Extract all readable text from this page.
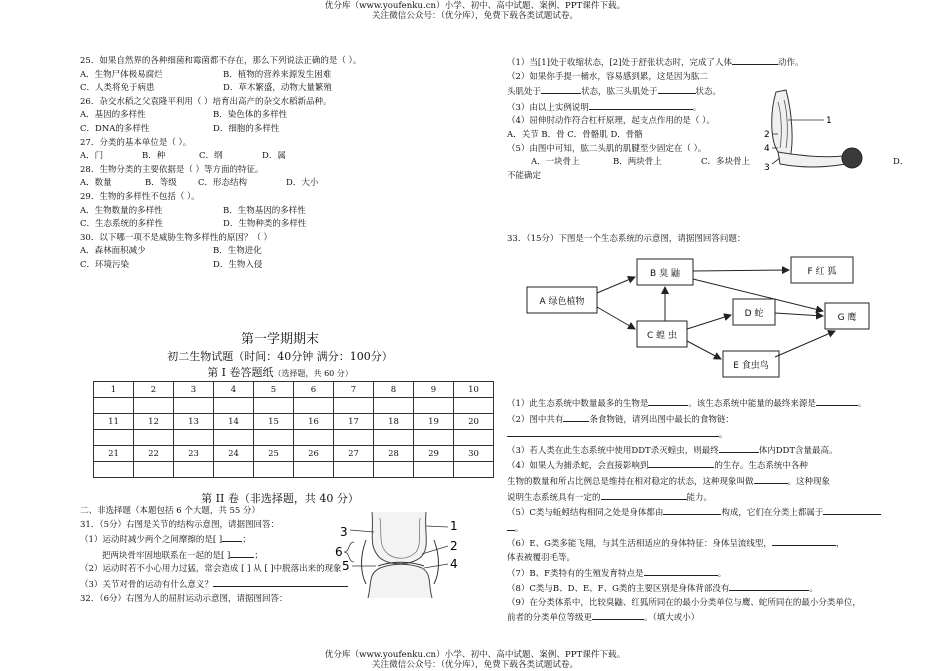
优分库（www.youfenku.cn）小学、初中、高中试题、案例、PPT课件下载。
关注微信公众号：（优分库），免费下载各类试题试卷。
优分库（www.youfenku.cn）小学、初中、高中试题、案例、PPT课件下载。
关注微信公众号：（优分库），免费下载各类试题试卷。

25．如果自然界的各种细菌和霉菌都不存在，那么下列说法正确的是（ ）。

A．生物尸体极易腐烂	B．植物的营养来源发生困难

C．人类将免于病患	D．草木繁盛，动物大量繁殖

26．杂交水稻之父袁隆平利用（ ）培育出高产的杂交水稻新品种。

A．基因的多样性	B．染色体的多样性

C．DNA的多样性	D．细胞的多样性

27．分类的基本单位是（ ）。

A．门	B．种	C．纲	D．属

28．生物分类的主要依据是（ ）等方面的特征。

A．数量	B．等级	C．形态结构	D．大小

29．生物的多样性不包括（ ）。

A．生物数量的多样性	B．生物基因的多样性

C．生态系统的多样性	D．生物种类的多样性

30．以下哪一项不是威胁生物多样性的原因？（ ）

A．森林面积减少	B．生物进化

C．环境污染	D．生物入侵

第一学期期末
初二生物试题（时间：40分钟 满分：100分）
第 I 卷答题纸（选择题，共 60 分）
1	2	3	4	5	6	7	8	9	10

11	12	13	14	15	16	17	18	19	20

21	22	23	24	25	26	27	28	29	30

第 II 卷（非选择题，共 40 分）

二、非选择题（本题包括 6 个大题，共 55 分）

31．（5分）右图是关节的结构示意图，请据图回答：

（1）运动时减少两个之间摩擦的是[ ] ；

把两块骨牢固地联系在一起的是[ ]	；

（2）运动时若不小心用力过猛，常会造成 [ ] 从 [ ]中脱落出来的现象

（3）关节对骨的运动有什么意义？

32．（6分）右图为人的屈肘运动示意图，请据图回答：

3	1
2
6
5	4

（1）当[1]处于收缩状态，[2]处于舒张状态时，完成了人体	动作。

（2）如果你手提一桶水，容易感到累，这是因为肱二

头肌处于	状态，肱三头肌处于	状态。

（3）由以上实例说明	。

（4）屈伸肘动作符合杠杆原理，起支点作用的是（ ）。

A．关节 B．骨 C．骨骼肌 D．骨骼

（5）由图中可知，肱二头肌的肌腱至少固定在（ ）。

A．一块骨上	B．两块骨上	C．多块骨上	D．

不能确定

1
2
4
3

33．（15分）下图是一个生态系统的示意图，请据图回答问题：

A 绿色植物
B 臭 鼬
C 蝗 虫
D 蛇
E 食虫鸟
F 红 狐
G 鹰

（1）此生态系统中数量最多的生物是	。该生态系统中能量的最终来源是	。

（2）图中共有	条食物链，请列出图中最长的食物链：

。

（3）若人类在此生态系统中使用DDT杀灭蝗虫，则最终	体内DDT含量最高。

（4）如果人为捕杀蛇，会直接影响到	的生存。生态系统中各种

生物的数量和所占比例总是维持在相对稳定的状态，这种现象叫做	。这种现象

说明生态系统具有一定的	能力。

（5）C类与蚯蚓结构相同之处是身体都由	构成，它们在分类上都属于

。

（6）E、G类多能飞翔，与其生活相适应的身体特征：身体呈流线型，	，

体表被覆羽毛等。

（7）B、F类特有的生殖发育特点是	。

（8）C类与B、D、E、F、G类的主要区别是身体背部没有	。

（9）在分类体系中，比较臭鼬、红狐所同在的最小分类单位与鹰、蛇所同在的最小分类单位，

前者的分类单位等级更	。（填大或小）
